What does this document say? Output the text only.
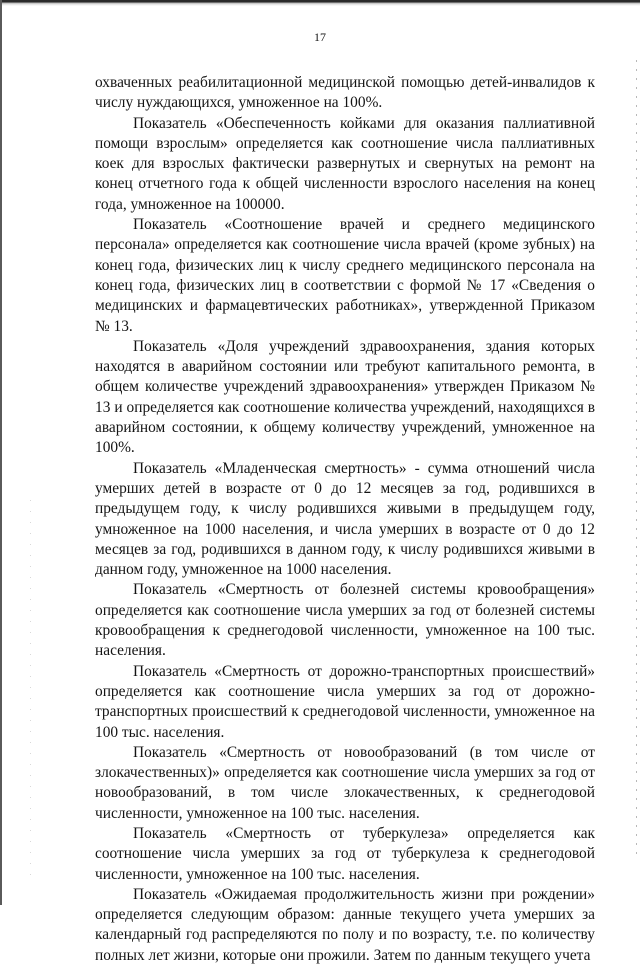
17

охваченных реабилитационной медицинской помощью детей-инвалидов к числу нуждающихся, умноженное на 100%.

Показатель «Обеспеченность койками для оказания паллиативной помощи взрослым» определяется как соотношение числа паллиативных коек для взрослых фактически развернутых и свернутых на ремонт на конец отчетного года к общей численности взрослого населения на конец года, умноженное на 100000.

Показатель «Соотношение врачей и среднего медицинского персонала» определяется как соотношение числа врачей (кроме зубных) на конец года, физических лиц к числу среднего медицинского персонала на конец года, физических лиц в соответствии с формой № 17 «Сведения о медицинских и фармацевтических работниках», утвержденной Приказом № 13.

Показатель «Доля учреждений здравоохранения, здания которых находятся в аварийном состоянии или требуют капитального ремонта, в общем количестве учреждений здравоохранения» утвержден Приказом № 13 и определяется как соотношение количества учреждений, находящихся в аварийном состоянии, к общему количеству учреждений, умноженное на 100%.

Показатель «Младенческая смертность» - сумма отношений числа умерших детей в возрасте от 0 до 12 месяцев за год, родившихся в предыдущем году, к числу родившихся живыми в предыдущем году, умноженное на 1000 населения, и числа умерших в возрасте от 0 до 12 месяцев за год, родившихся в данном году, к числу родившихся живыми в данном году, умноженное на 1000 населения.

Показатель «Смертность от болезней системы кровообращения» определяется как соотношение числа умерших за год от болезней системы кровообращения к среднегодовой численности, умноженное на 100 тыс. населения.

Показатель «Смертность от дорожно-транспортных происшествий» определяется как соотношение числа умерших за год от дорожно-транспортных происшествий к среднегодовой численности, умноженное на 100 тыс. населения.

Показатель «Смертность от новообразований (в том числе от злокачественных)» определяется как соотношение числа умерших за год от новообразований, в том числе злокачественных, к среднегодовой численности, умноженное на 100 тыс. населения.

Показатель «Смертность от туберкулеза» определяется как соотношение числа умерших за год от туберкулеза к среднегодовой численности, умноженное на 100 тыс. населения.

Показатель «Ожидаемая продолжительность жизни при рождении» определяется следующим образом: данные текущего учета умерших за календарный год распределяются по полу и по возрасту, т.е. по количеству полных лет жизни, которые они прожили. Затем по данным текущего учета
